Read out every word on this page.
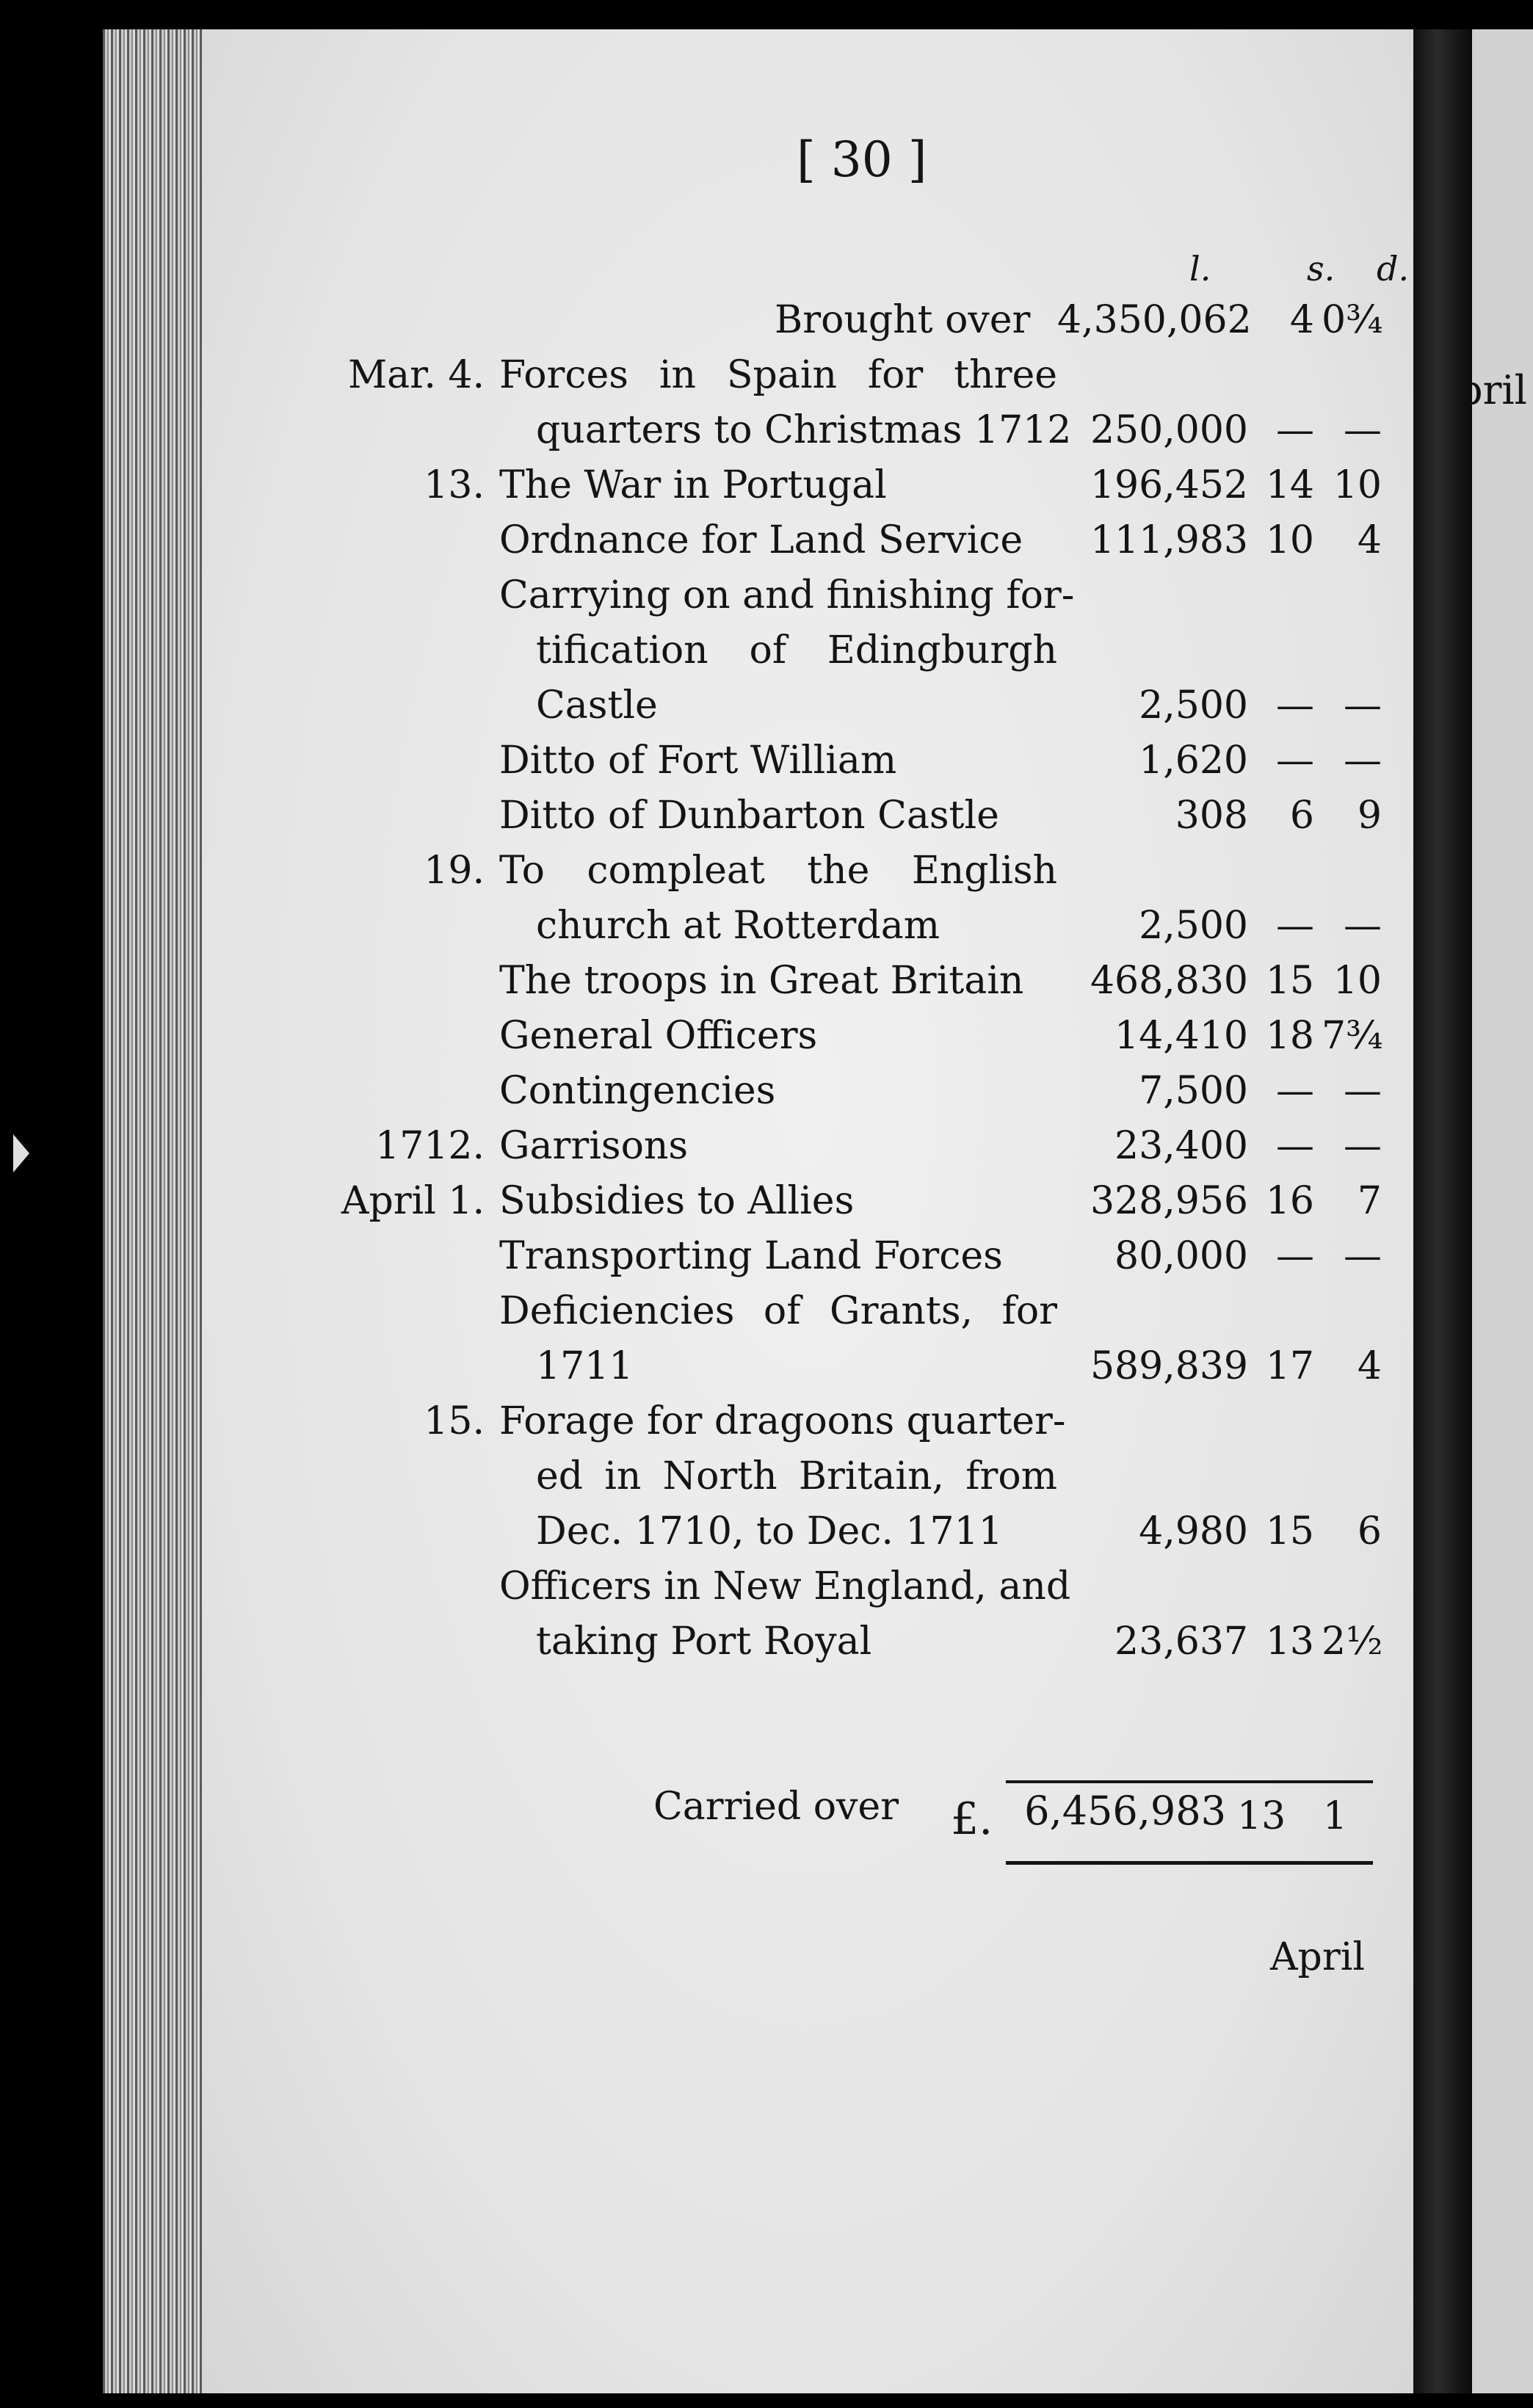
pril
[ 30 ]
l.	s. d.
Brought over 4,350,062	4 0¾
Mar. 4. Forces in Spain for three
quarters to Christmas 1712 250,000 — —
13. The War in Portugal	196,452 14 10
Ordnance for Land Service	111,983 10	4
Carrying on and finishing for-
tification of Edingburgh
Castle	2,500 — —
Ditto of Fort William	1,620 — —
Ditto of Dunbarton Castle	308	6	9
19. To compleat the English
church at Rotterdam	2,500 — —
The troops in Great Britain	468,830 15 10
General Officers	14,410 18 7¾
Contingencies	7,500 — —
1712. Garrisons	23,400 — —
April 1. Subsidies to Allies	328,956 16	7
Transporting Land Forces	80,000 — —
Deficiencies of Grants, for
1711	589,839 17	4
15. Forage for dragoons quarter-
ed in North Britain, from
Dec. 1710, to Dec. 1711	4,980 15	6
Officers in New England, and
taking Port Royal	23,637 13 2½
Carried over £. 6,456,983 13 1
April
